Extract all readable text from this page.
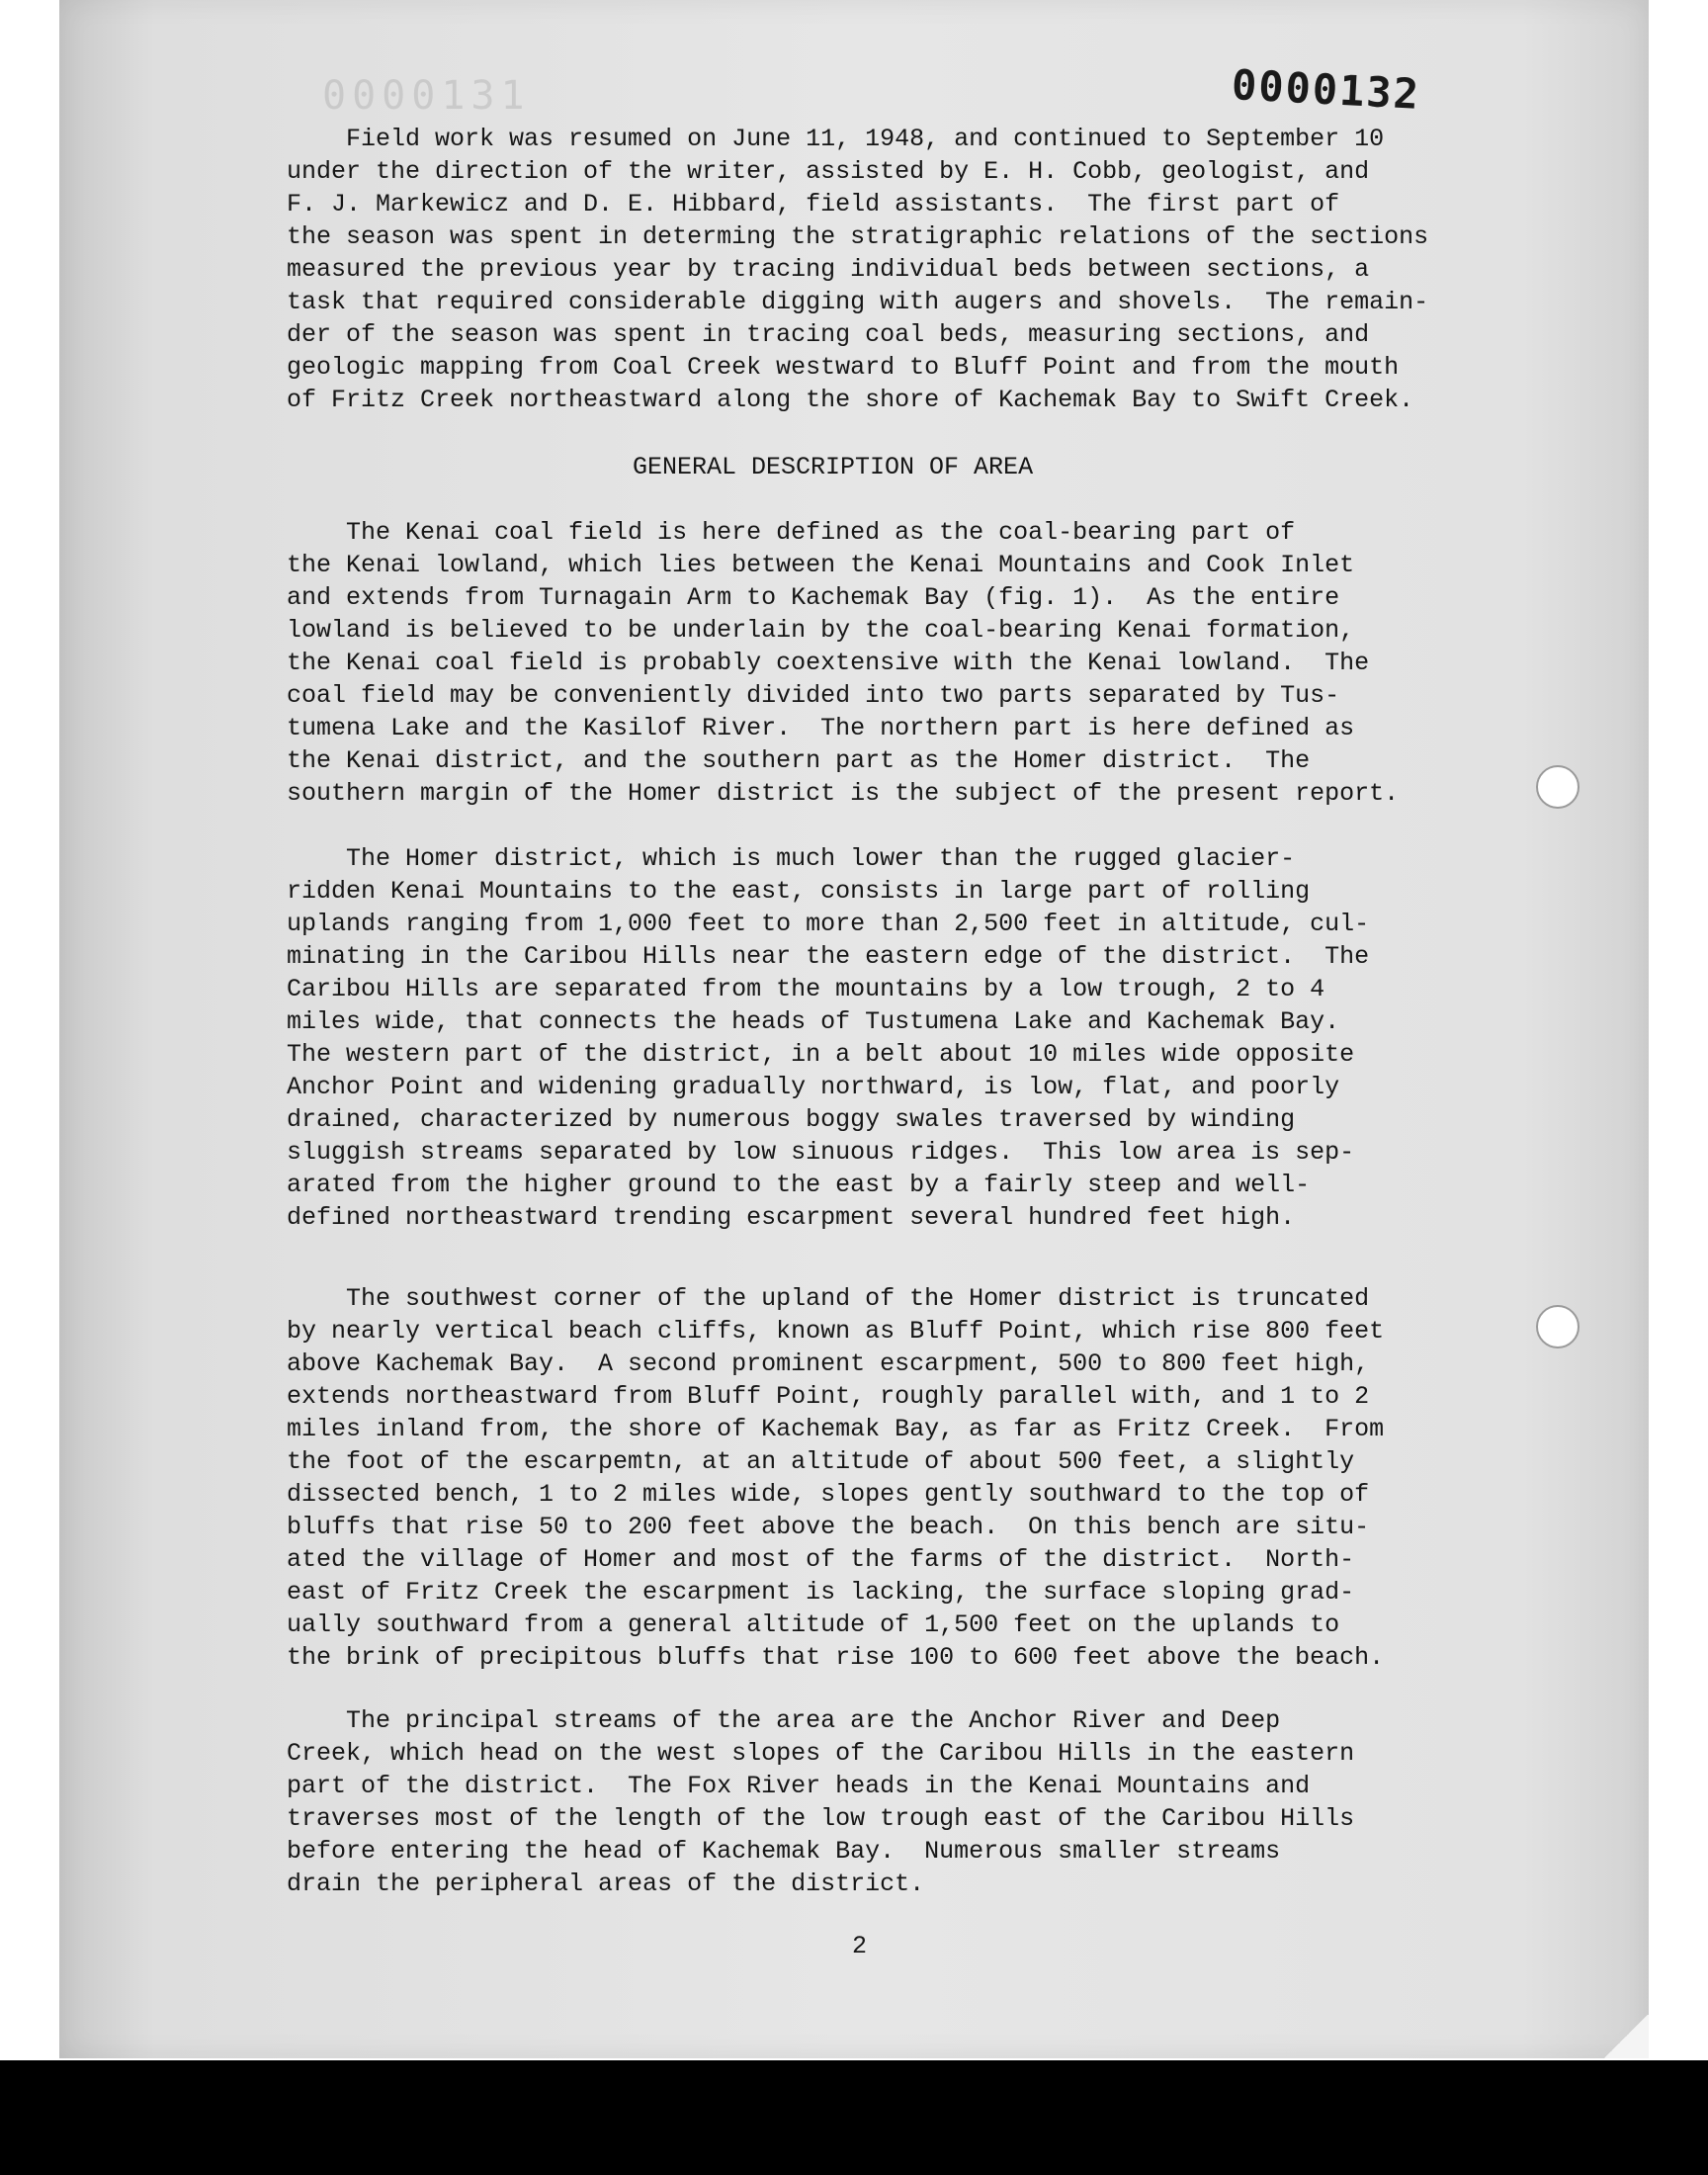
0000131	0000132
Field work was resumed on June 11, 1948, and continued to September 10
under the direction of the writer, assisted by E. H. Cobb, geologist, and
F. J. Markewicz and D. E. Hibbard, field assistants.  The first part of
the season was spent in determing the stratigraphic relations of the sections
measured the previous year by tracing individual beds between sections, a
task that required considerable digging with augers and shovels.  The remain-
der of the season was spent in tracing coal beds, measuring sections, and
geologic mapping from Coal Creek westward to Bluff Point and from the mouth
of Fritz Creek northeastward along the shore of Kachemak Bay to Swift Creek.
GENERAL DESCRIPTION OF AREA
The Kenai coal field is here defined as the coal-bearing part of
the Kenai lowland, which lies between the Kenai Mountains and Cook Inlet
and extends from Turnagain Arm to Kachemak Bay (fig. 1).  As the entire
lowland is believed to be underlain by the coal-bearing Kenai formation,
the Kenai coal field is probably coextensive with the Kenai lowland.  The
coal field may be conveniently divided into two parts separated by Tus-
tumena Lake and the Kasilof River.  The northern part is here defined as
the Kenai district, and the southern part as the Homer district.  The
southern margin of the Homer district is the subject of the present report.
The Homer district, which is much lower than the rugged glacier-
ridden Kenai Mountains to the east, consists in large part of rolling
uplands ranging from 1,000 feet to more than 2,500 feet in altitude, cul-
minating in the Caribou Hills near the eastern edge of the district.  The
Caribou Hills are separated from the mountains by a low trough, 2 to 4
miles wide, that connects the heads of Tustumena Lake and Kachemak Bay.
The western part of the district, in a belt about 10 miles wide opposite
Anchor Point and widening gradually northward, is low, flat, and poorly
drained, characterized by numerous boggy swales traversed by winding
sluggish streams separated by low sinuous ridges.  This low area is sep-
arated from the higher ground to the east by a fairly steep and well-
defined northeastward trending escarpment several hundred feet high.
The southwest corner of the upland of the Homer district is truncated
by nearly vertical beach cliffs, known as Bluff Point, which rise 800 feet
above Kachemak Bay.  A second prominent escarpment, 500 to 800 feet high,
extends northeastward from Bluff Point, roughly parallel with, and 1 to 2
miles inland from, the shore of Kachemak Bay, as far as Fritz Creek.  From
the foot of the escarpemtn, at an altitude of about 500 feet, a slightly
dissected bench, 1 to 2 miles wide, slopes gently southward to the top of
bluffs that rise 50 to 200 feet above the beach.  On this bench are situ-
ated the village of Homer and most of the farms of the district.  North-
east of Fritz Creek the escarpment is lacking, the surface sloping grad-
ually southward from a general altitude of 1,500 feet on the uplands to
the brink of precipitous bluffs that rise 100 to 600 feet above the beach.
The principal streams of the area are the Anchor River and Deep
Creek, which head on the west slopes of the Caribou Hills in the eastern
part of the district.  The Fox River heads in the Kenai Mountains and
traverses most of the length of the low trough east of the Caribou Hills
before entering the head of Kachemak Bay.  Numerous smaller streams
drain the peripheral areas of the district.
2
